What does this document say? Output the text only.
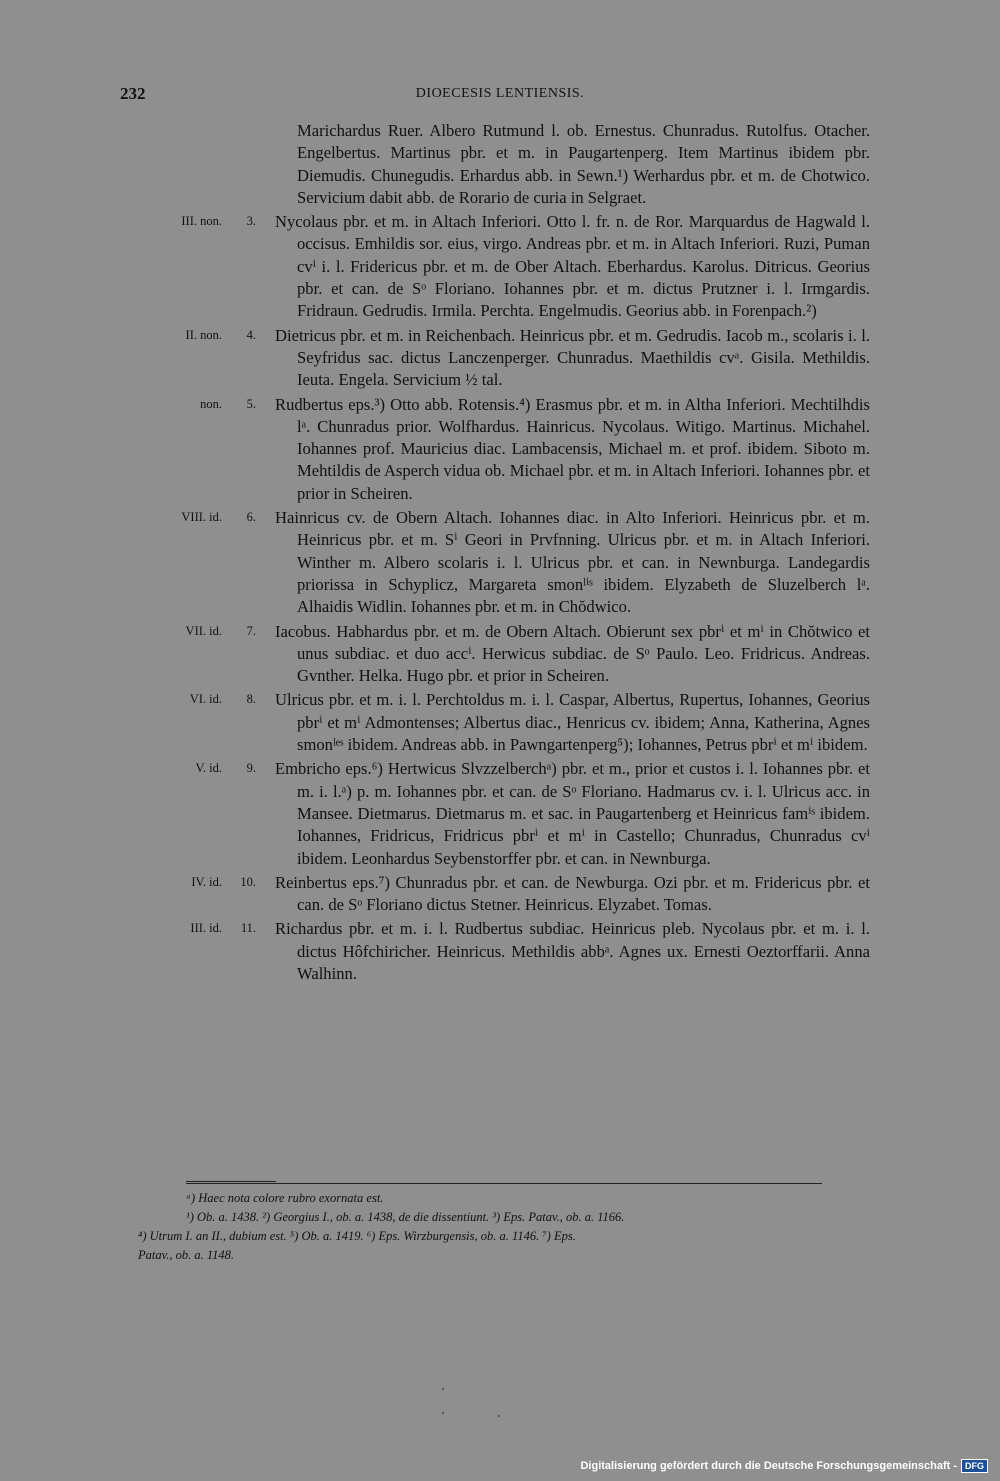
232	DIOECESIS LENTIENSIS.
Marichardus Ruer. Albero Rutmund l. ob. Ernestus. Chunradus. Rutolfus. Otacher. Engelbertus. Martinus pbr. et m. in Paugartenperg. Item Martinus ibidem pbr. Diemudis. Chunegudis. Erhardus abb. in Sewn.¹) Werhardus pbr. et m. de Chotwico. Servicium dabit abb. de Rorario de curia in Selgraet.
III. non.	3. Nycolaus pbr. et m. in Altach Inferiori. Otto l. fr. n. de Ror. Marquardus de Hagwald l. occisus. Emhildis sor. eius, virgo. Andreas pbr. et m. in Altach Inferiori. Ruzi, Puman cvⁱ i. l. Fridericus pbr. et m. de Ober Altach. Eberhardus. Karolus. Ditricus. Georius pbr. et can. de Sᵒ Floriano. Iohannes pbr. et m. dictus Prutzner i. l. Irmgardis. Fridraun. Gedrudis. Irmila. Perchta. Engelmudis. Georius abb. in Forenpach.²)
II. non.	4. Dietricus pbr. et m. in Reichenbach. Heinricus pbr. et m. Gedrudis. Iacob m., scolaris i. l. Seyfridus sac. dictus Lanczenperger. Chunradus. Maethildis cvᵃ. Gisila. Methildis. Ieuta. Engela. Servicium ½ tal.
non.	5. Rudbertus eps.³) Otto abb. Rotensis.⁴) Erasmus pbr. et m. in Altha Inferiori. Mechtilhdis lᵃ. Chunradus prior. Wolfhardus. Hainricus. Nycolaus. Witigo. Martinus. Michahel. Iohannes prof. Mauricius diac. Lambacensis, Michael m. et prof. ibidem. Siboto m. Mehtildis de Asperch vidua ob. Michael pbr. et m. in Altach Inferiori. Iohannes pbr. et prior in Scheiren.
VIII. id.	6. Hainricus cv. de Obern Altach. Iohannes diac. in Alto Inferiori. Heinricus pbr. et m. Heinricus pbr. et m. Sⁱ Geori in Prvfnning. Ulricus pbr. et m. in Altach Inferiori. Winther m. Albero scolaris i. l. Ulricus pbr. et can. in Newnburga. Landegardis priorissa in Schyplicz, Margareta smonˡⁱˢ ibidem. Elyzabeth de Sluzelberch lᵃ. Alhaidis Widlin. Iohannes pbr. et m. in Chŏdwico.
VII. id.	7. Iacobus. Habhardus pbr. et m. de Obern Altach. Obierunt sex pbrⁱ et mⁱ in Chŏtwico et unus subdiac. et duo accⁱ. Herwicus subdiac. de Sᵒ Paulo. Leo. Fridricus. Andreas. Gvnther. Helka. Hugo pbr. et prior in Scheiren.
VI. id.	8. Ulricus pbr. et m. i. l. Perchtoldus m. i. l. Caspar, Albertus, Rupertus, Iohannes, Georius pbrⁱ et mⁱ Admontenses; Albertus diac., Henricus cv. ibidem; Anna, Katherina, Agnes smonˡᵉˢ ibidem. Andreas abb. in Pawngartenperg⁵); Iohannes, Petrus pbrⁱ et mⁱ ibidem.
V. id.	9. Embricho eps.⁶) Hertwicus Slvzzelberchᵃ) pbr. et m., prior et custos i. l. Iohannes pbr. et m. i. l.ᵃ) p. m. Iohannes pbr. et can. de Sᵒ Floriano. Hadmarus cv. i. l. Ulricus acc. in Mansee. Dietmarus. Dietmarus m. et sac. in Paugartenberg et Heinricus famⁱˢ ibidem. Iohannes, Fridricus, Fridricus pbrⁱ et mⁱ in Castello; Chunradus, Chunradus cvⁱ ibidem. Leonhardus Seybenstorffer pbr. et can. in Newnburga.
IV. id.	10. Reinbertus eps.⁷) Chunradus pbr. et can. de Newburga. Ozi pbr. et m. Fridericus pbr. et can. de Sᵒ Floriano dictus Stetner. Heinricus. Elyzabet. Tomas.
III. id.	11. Richardus pbr. et m. i. l. Rudbertus subdiac. Heinricus pleb. Nycolaus pbr. et m. i. l. dictus Hôfchiricher. Heinricus. Methildis abbᵃ. Agnes ux. Ernesti Oeztorffarii. Anna Walhinn.
ᵃ) Haec nota colore rubro exornata est.
¹) Ob. a. 1438. ²) Georgius I., ob. a. 1438, de die dissentiunt. ³) Eps. Patav., ob. a. 1166.
⁴) Utrum I. an II., dubium est. ⁵) Ob. a. 1419. ⁶) Eps. Wirzburgensis, ob. a. 1146. ⁷) Eps.
Patav., ob. a. 1148.
Digitalisierung gefördert durch die Deutsche Forschungsgemeinschaft - DFG
